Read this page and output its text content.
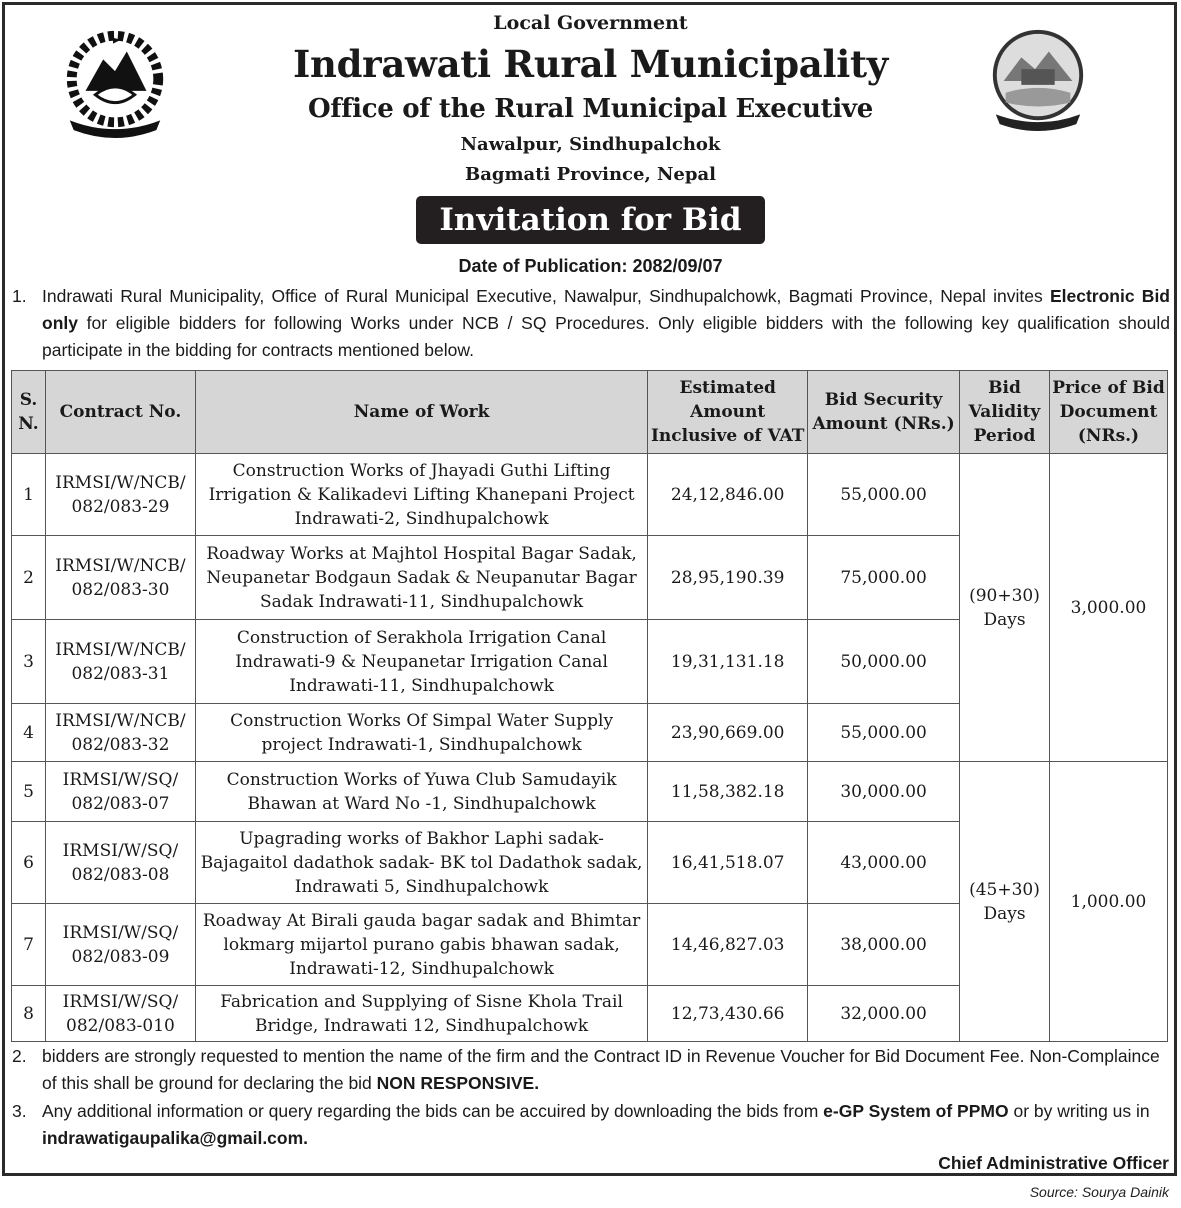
Local Government
Indrawati Rural Municipality
Office of the Rural Municipal Executive
Nawalpur, Sindhupalchok
Bagmati Province, Nepal
Invitation for Bid
Date of Publication: 2082/09/07
1. Indrawati Rural Municipality, Office of Rural Municipal Executive, Nawalpur, Sindhupalchowk, Bagmati Province, Nepal invites Electronic Bid only for eligible bidders for following Works under NCB / SQ Procedures. Only eligible bidders with the following key qualification should participate in the bidding for contracts mentioned below.
S. N.	Contract No.	Name of Work	Estimated Amount Inclusive of VAT	Bid Security Amount (NRs.)	Bid Validity Period	Price of Bid Document (NRs.)
1	IRMSI/W/NCB/ 082/083-29	Construction Works of Jhayadi Guthi Lifting Irrigation & Kalikadevi Lifting Khanepani Project Indrawati-2, Sindhupalchowk	24,12,846.00	55,000.00	(90+30) Days	3,000.00
2	IRMSI/W/NCB/ 082/083-30	Roadway Works at Majhtol Hospital Bagar Sadak, Neupanetar Bodgaun Sadak & Neupanutar Bagar Sadak Indrawati-11, Sindhupalchowk	28,95,190.39	75,000.00		
3	IRMSI/W/NCB/ 082/083-31	Construction of Serakhola Irrigation Canal Indrawati-9 & Neupanetar Irrigation Canal Indrawati-11, Sindhupalchowk	19,31,131.18	50,000.00		
4	IRMSI/W/NCB/ 082/083-32	Construction Works Of Simpal Water Supply project Indrawati-1, Sindhupalchowk	23,90,669.00	55,000.00		
5	IRMSI/W/SQ/ 082/083-07	Construction Works of Yuwa Club Samudayik Bhawan at Ward No -1, Sindhupalchowk	11,58,382.18	30,000.00	(45+30) Days	1,000.00
6	IRMSI/W/SQ/ 082/083-08	Upagrading works of Bakhor Laphi sadak-Bajagaitol dadathok sadak- BK tol Dadathok sadak, Indrawati 5, Sindhupalchowk	16,41,518.07	43,000.00		
7	IRMSI/W/SQ/ 082/083-09	Roadway At Birali gauda bagar sadak and Bhimtar lokmarg mijartol purano gabis bhawan sadak, Indrawati-12, Sindhupalchowk	14,46,827.03	38,000.00		
8	IRMSI/W/SQ/ 082/083-010	Fabrication and Supplying of Sisne Khola Trail Bridge, Indrawati 12, Sindhupalchowk	12,73,430.66	32,000.00		
2. bidders are strongly requested to mention the name of the firm and the Contract ID in Revenue Voucher for Bid Document Fee. Non-Complaince of this shall be ground for declaring the bid NON RESPONSIVE.
3. Any additional information or query regarding the bids can be accuired by downloading the bids from e-GP System of PPMO or by writing us in indrawatigaupalika@gmail.com.
Chief Administrative Officer
Source: Sourya Dainik
